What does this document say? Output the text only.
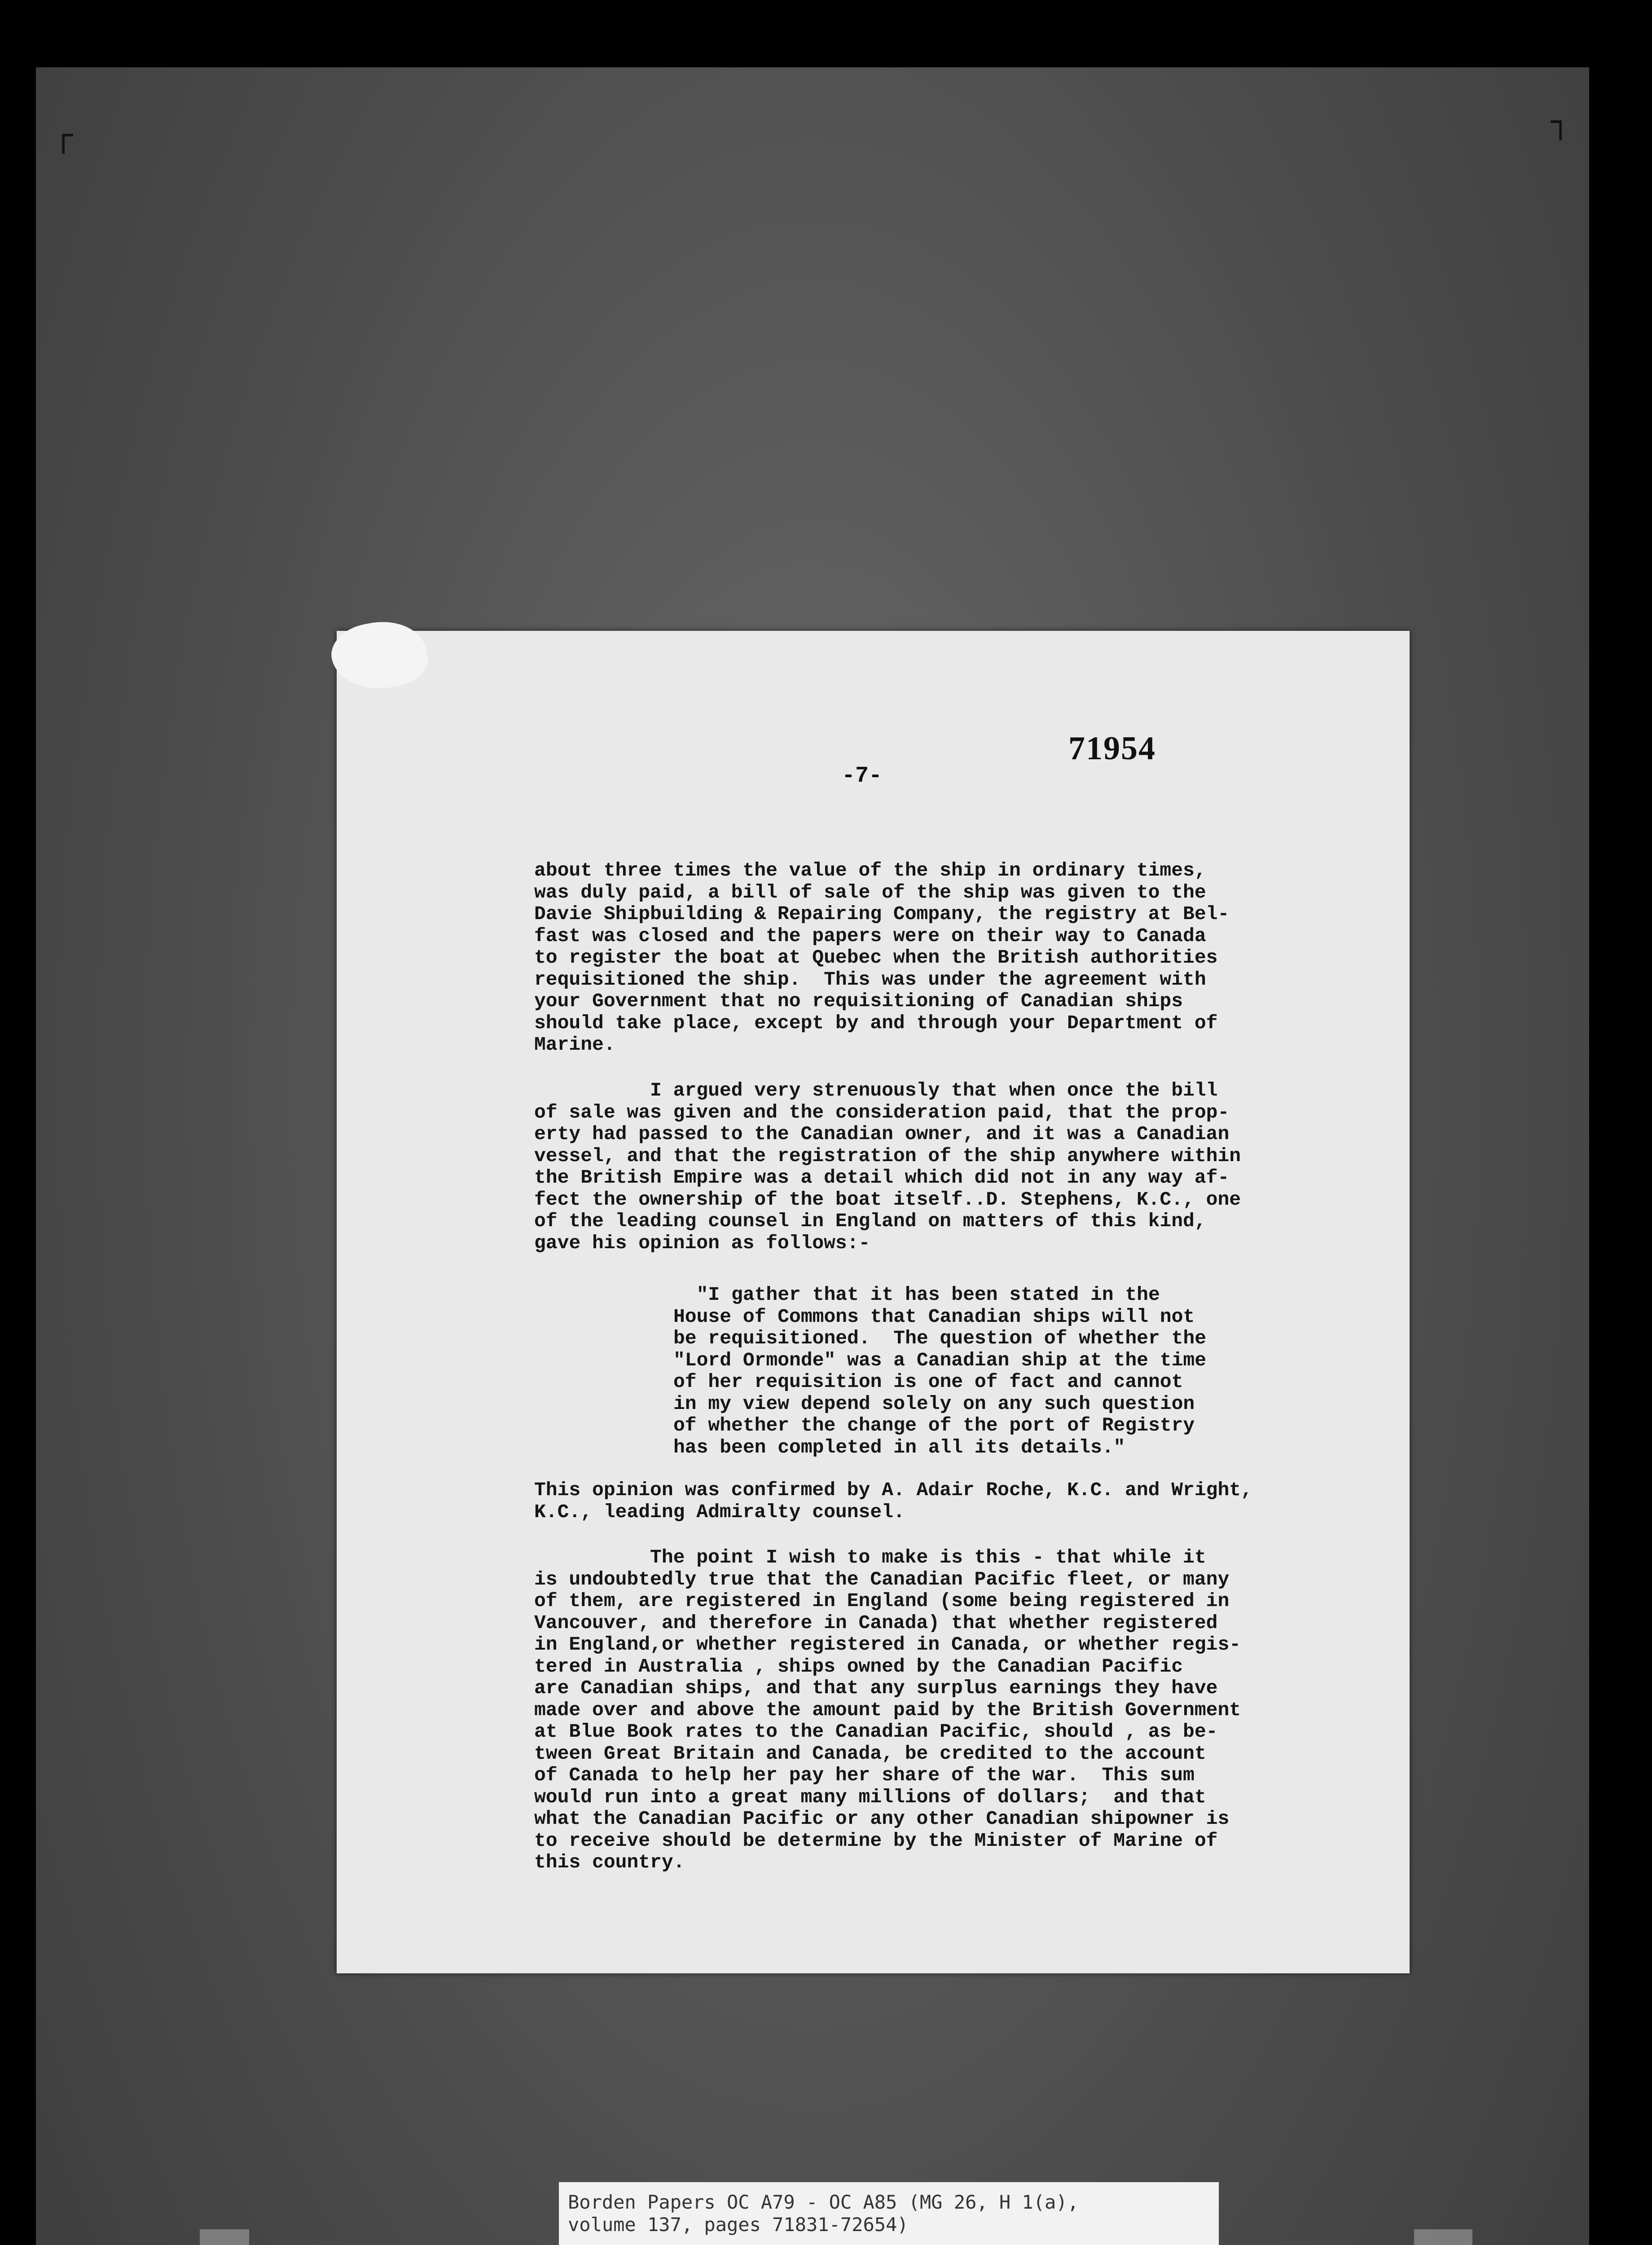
┌	┐
71954
-7-
about three times the value of the ship in ordinary times,
was duly paid, a bill of sale of the ship was given to the
Davie Shipbuilding & Repairing Company, the registry at Bel-
fast was closed and the papers were on their way to Canada
to register the boat at Quebec when the British authorities
requisitioned the ship.  This was under the agreement with
your Government that no requisitioning of Canadian ships
should take place, except by and through your Department of
Marine.
I argued very strenuously that when once the bill
of sale was given and the consideration paid, that the prop-
erty had passed to the Canadian owner, and it was a Canadian
vessel, and that the registration of the ship anywhere within
the British Empire was a detail which did not in any way af-
fect the ownership of the boat itself..D. Stephens, K.C., one
of the leading counsel in England on matters of this kind,
gave his opinion as follows:-
"I gather that it has been stated in the
House of Commons that Canadian ships will not
be requisitioned.  The question of whether the
"Lord Ormonde" was a Canadian ship at the time
of her requisition is one of fact and cannot
in my view depend solely on any such question
of whether the change of the port of Registry
has been completed in all its details."
This opinion was confirmed by A. Adair Roche, K.C. and Wright,
K.C., leading Admiralty counsel.
The point I wish to make is this - that while it
is undoubtedly true that the Canadian Pacific fleet, or many
of them, are registered in England (some being registered in
Vancouver, and therefore in Canada) that whether registered
in England,or whether registered in Canada, or whether regis-
tered in Australia , ships owned by the Canadian Pacific
are Canadian ships, and that any surplus earnings they have
made over and above the amount paid by the British Government
at Blue Book rates to the Canadian Pacific, should , as be-
tween Great Britain and Canada, be credited to the account
of Canada to help her pay her share of the war.  This sum
would run into a great many millions of dollars;  and that
what the Canadian Pacific or any other Canadian shipowner is
to receive should be determine by the Minister of Marine of
this country.
Borden Papers OC A79 - OC A85 (MG 26, H 1(a),
volume 137, pages 71831-72654)
